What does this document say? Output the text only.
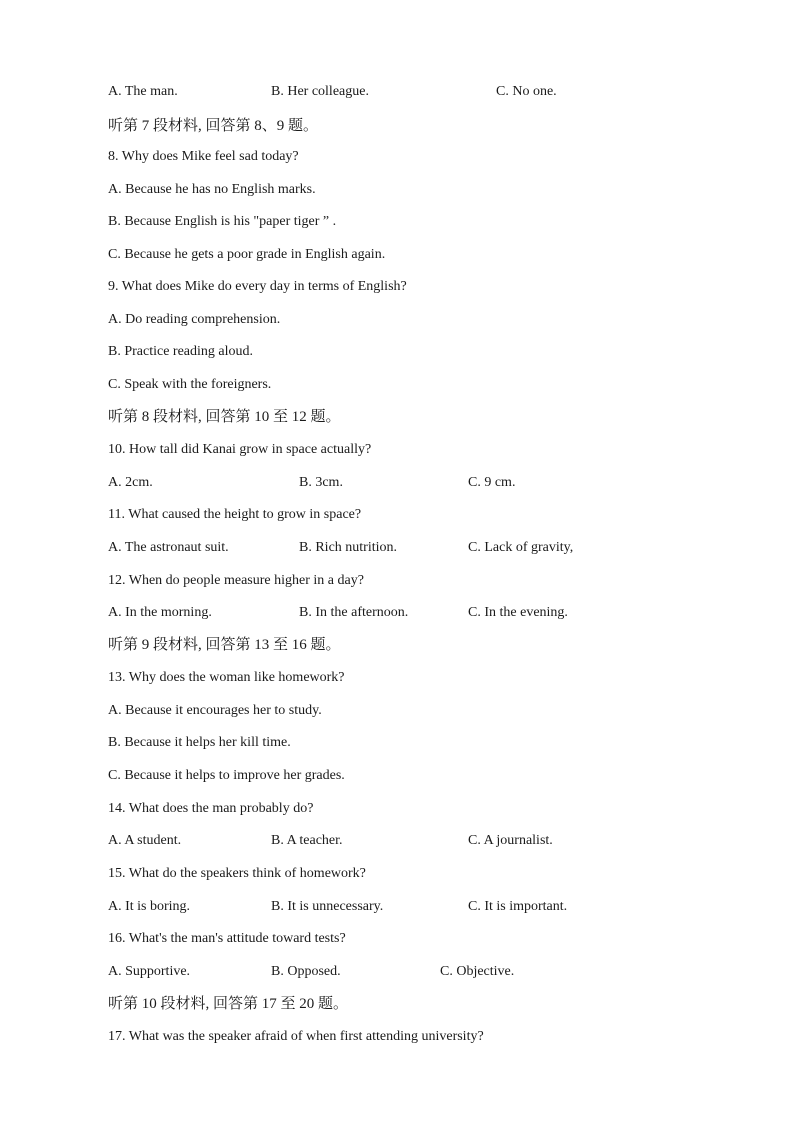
A. The man.	B. Her colleague.	C. No one.
听第 7 段材料, 回答第 8、9 题。
8. Why does Mike feel sad today?
A. Because he has no English marks.
B. Because English is his "paper tiger ” .
C. Because he gets a poor grade in English again.
9. What does Mike do every day in terms of English?
A. Do reading comprehension.
B. Practice reading aloud.
C. Speak with the foreigners.
听第 8 段材料, 回答第 10 至 12 题。
10. How tall did Kanai grow in space actually?
A. 2cm.	B. 3cm.	C. 9 cm.
11. What caused the height to grow in space?
A. The astronaut suit.	B. Rich nutrition.	C. Lack of gravity,
12. When do people measure higher in a day?
A. In the morning.	B. In the afternoon.	C. In the evening.
听第 9 段材料, 回答第 13 至 16 题。
13. Why does the woman like homework?
A. Because it encourages her to study.
B. Because it helps her kill time.
C. Because it helps to improve her grades.
14. What does the man probably do?
A. A student.	B. A teacher.	C. A journalist.
15. What do the speakers think of homework?
A. It is boring.	B. It is unnecessary.	C. It is important.
16. What's the man's attitude toward tests?
A. Supportive.	B. Opposed.	C. Objective.
听第 10 段材料, 回答第 17 至 20 题。
17. What was the speaker afraid of when first attending university?
